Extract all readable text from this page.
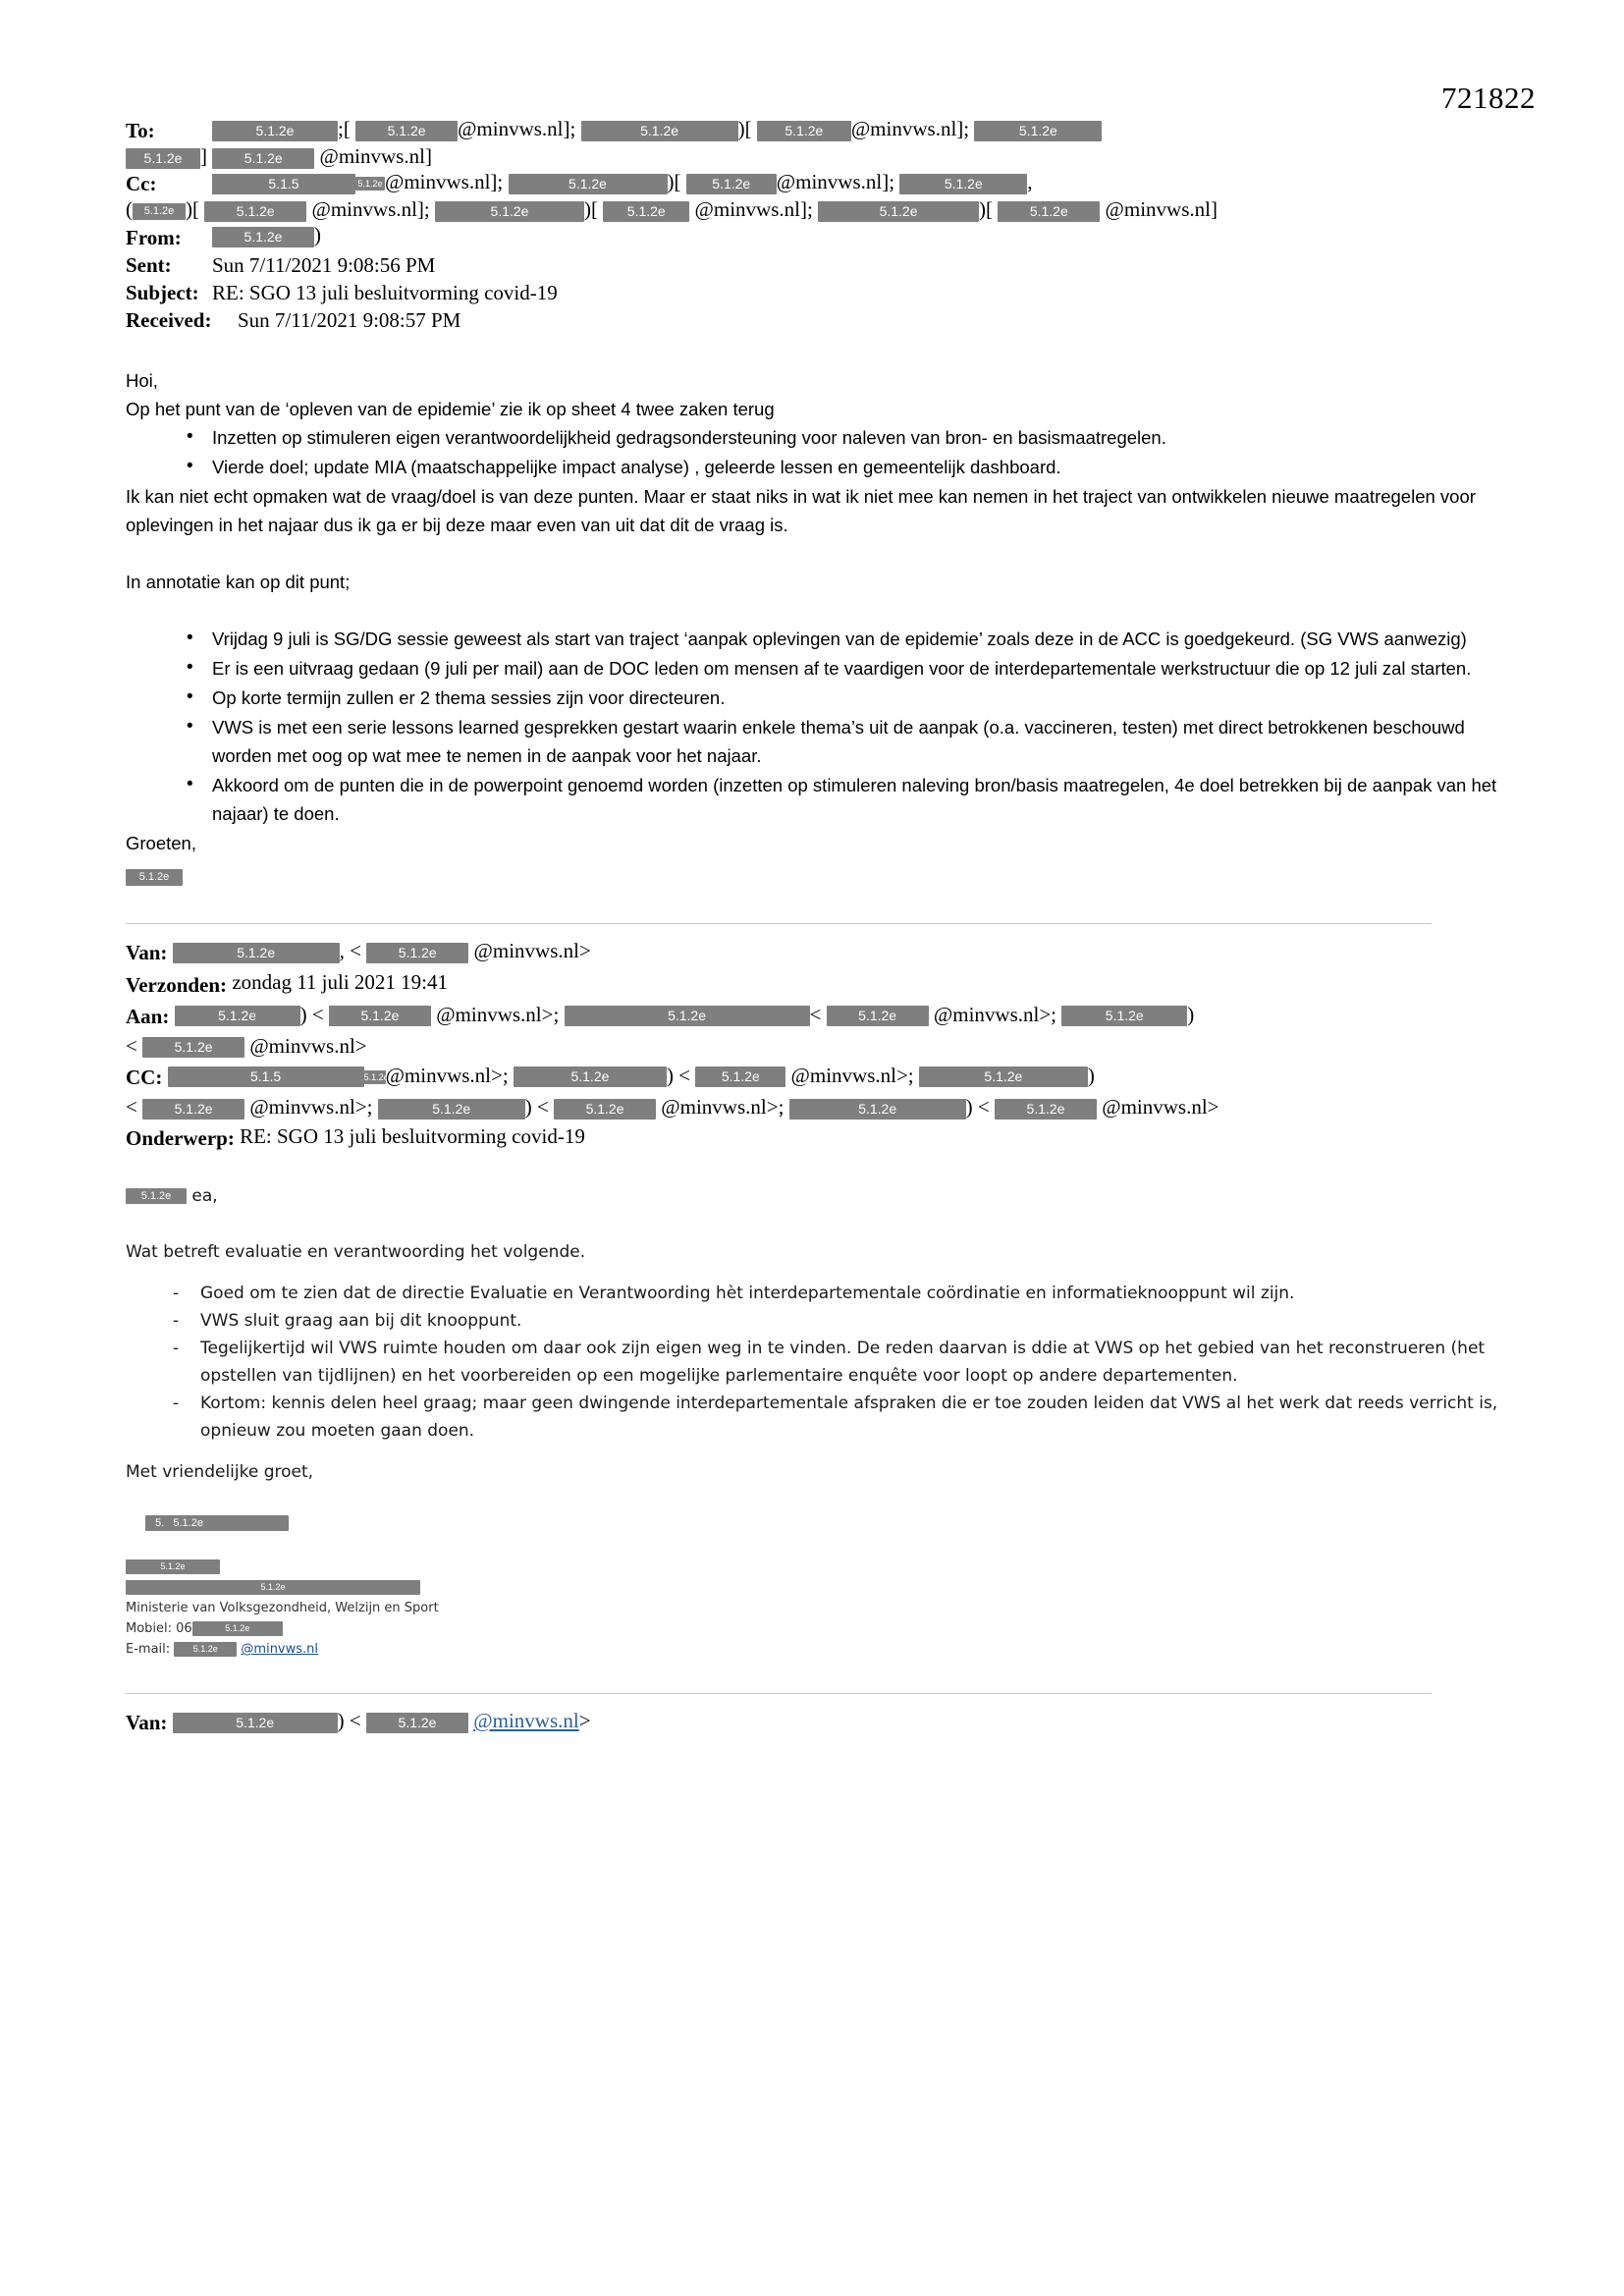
721822
To:	5.1.2e ;[	5.1.2e @minvws.nl];	5.1.2e	)[ 5.1.2e @minvws.nl];	5.1.2e
5.1.2e ]	5.1.2e @minvws.nl]
Cc:	5.1.5	5.1.2e @minvws.nl];	5.1.2e	)[ 5.1.2e @minvws.nl];	5.1.2e ,
( 5.1.2e )[	5.1.2e @minvws.nl];	5.1.2e	)[ 5.1.2e @minvws.nl];	5.1.2e	)[	5.1.2e @minvws.nl]
From:	5.1.2e )
Sent: Sun 7/11/2021 9:08:56 PM
Subject: RE: SGO 13 juli besluitvorming covid-19
Received: Sun 7/11/2021 9:08:57 PM

Hoi,

Op het punt van de ‘opleven van de epidemie’ zie ik op sheet 4 twee zaken terug

• Inzetten op stimuleren eigen verantwoordelijkheid gedragsondersteuning voor naleven van bron- en basismaatregelen.
• Vierde doel; update MIA (maatschappelijke impact analyse) , geleerde lessen en gemeentelijk dashboard.

Ik kan niet echt opmaken wat de vraag/doel is van deze punten. Maar er staat niks in wat ik niet mee kan nemen in het traject van ontwikkelen nieuwe maatregelen voor oplevingen in het najaar dus ik ga er bij deze maar even van uit dat dit de vraag is.

In annotatie kan op dit punt;

• Vrijdag 9 juli is SG/DG sessie geweest als start van traject ‘aanpak oplevingen van de epidemie’ zoals deze in de ACC is goedgekeurd. (SG VWS aanwezig)
• Er is een uitvraag gedaan (9 juli per mail) aan de DOC leden om mensen af te vaardigen voor de interdepartementale werkstructuur die op 12 juli zal starten.
• Op korte termijn zullen er 2 thema sessies zijn voor directeuren.
• VWS is met een serie lessons learned gesprekken gestart waarin enkele thema’s uit de aanpak (o.a. vaccineren, testen) met direct betrokkenen beschouwd worden met oog op wat mee te nemen in de aanpak voor het najaar.
• Akkoord om de punten die in de powerpoint genoemd worden (inzetten op stimuleren naleving bron/basis maatregelen, 4e doel betrekken bij de aanpak van het najaar) te doen.

Groeten,

5.1.2e
Van:	5.1.2e	, <	5.1.2e @minvws.nl>
Verzonden: zondag 11 juli 2021 19:41
Aan:	5.1.2e ) <	5.1.2e @minvws.nl>;	5.1.2e	<	5.1.2e @minvws.nl>;	5.1.2e )
<	5.1.2e @minvws.nl>
CC:	5.1.5	5.1.2e@minvws.nl>;	5.1.2e	) < 5.1.2e @minvws.nl>;	5.1.2e	)
<	5.1.2e @minvws.nl>;	5.1.2e	) <	5.1.2e @minvws.nl>;	5.1.2e	) <	5.1.2e @minvws.nl>
Onderwerp: RE: SGO 13 juli besluitvorming covid-19

5.1.2e ea,

Wat betreft evaluatie en verantwoording het volgende.

- Goed om te zien dat de directie Evaluatie en Verantwoording hèt interdepartementale coördinatie en informatieknooppunt wil zijn.
- VWS sluit graag aan bij dit knooppunt.
- Tegelijkertijd wil VWS ruimte houden om daar ook zijn eigen weg in te vinden. De reden daarvan is ddie at VWS op het gebied van het reconstrueren (het opstellen van tijdlijnen) en het voorbereiden op een mogelijke parlementaire enquête voor loopt op andere departementen.
- Kortom: kennis delen heel graag; maar geen dwingende interdepartementale afspraken die er toe zouden leiden dat VWS al het werk dat reeds verricht is, opnieuw zou moeten gaan doen.

Met vriendelijke groet,

5. 5.1.2e
5.1.2e
5.1.2e
Ministerie van Volksgezondheid, Welzijn en Sport
Mobiel: 06	5.1.2e
E-mail:	5.1.2e @minvws.nl
Van:	5.1.2e	) <	5.1.2e @minvws.nl>
